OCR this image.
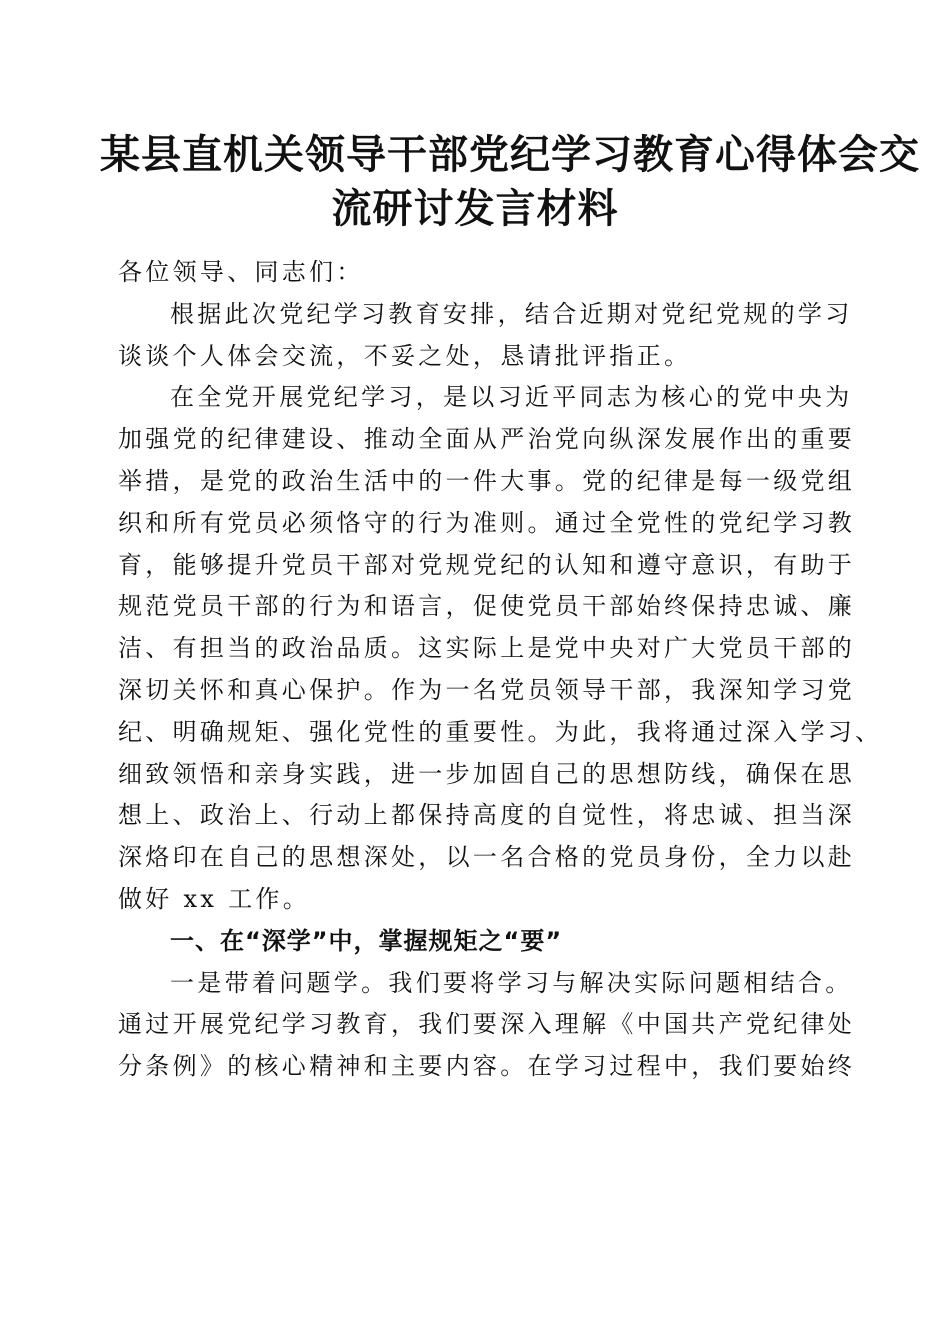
某县直机关领导干部党纪学习教育心得体会交
流研讨发言材料

各位领导、同志们：

根据此次党纪学习教育安排，结合近期对党纪党规的学习
谈谈个人体会交流，不妥之处，恳请批评指正。

在全党开展党纪学习，是以习近平同志为核心的党中央为
加强党的纪律建设、推动全面从严治党向纵深发展作出的重要
举措，是党的政治生活中的一件大事。党的纪律是每一级党组
织和所有党员必须恪守的行为准则。通过全党性的党纪学习教
育，能够提升党员干部对党规党纪的认知和遵守意识，有助于
规范党员干部的行为和语言，促使党员干部始终保持忠诚、廉
洁、有担当的政治品质。这实际上是党中央对广大党员干部的
深切关怀和真心保护。作为一名党员领导干部，我深知学习党
纪、明确规矩、强化党性的重要性。为此，我将通过深入学习、
细致领悟和亲身实践，进一步加固自己的思想防线，确保在思
想上、政治上、行动上都保持高度的自觉性，将忠诚、担当深
深烙印在自己的思想深处，以一名合格的党员身份，全力以赴
做好 xx 工作。

一、在“深学”中，掌握规矩之“要”

一是带着问题学。我们要将学习与解决实际问题相结合。
通过开展党纪学习教育，我们要深入理解《中国共产党纪律处
分条例》的核心精神和主要内容。在学习过程中，我们要始终
